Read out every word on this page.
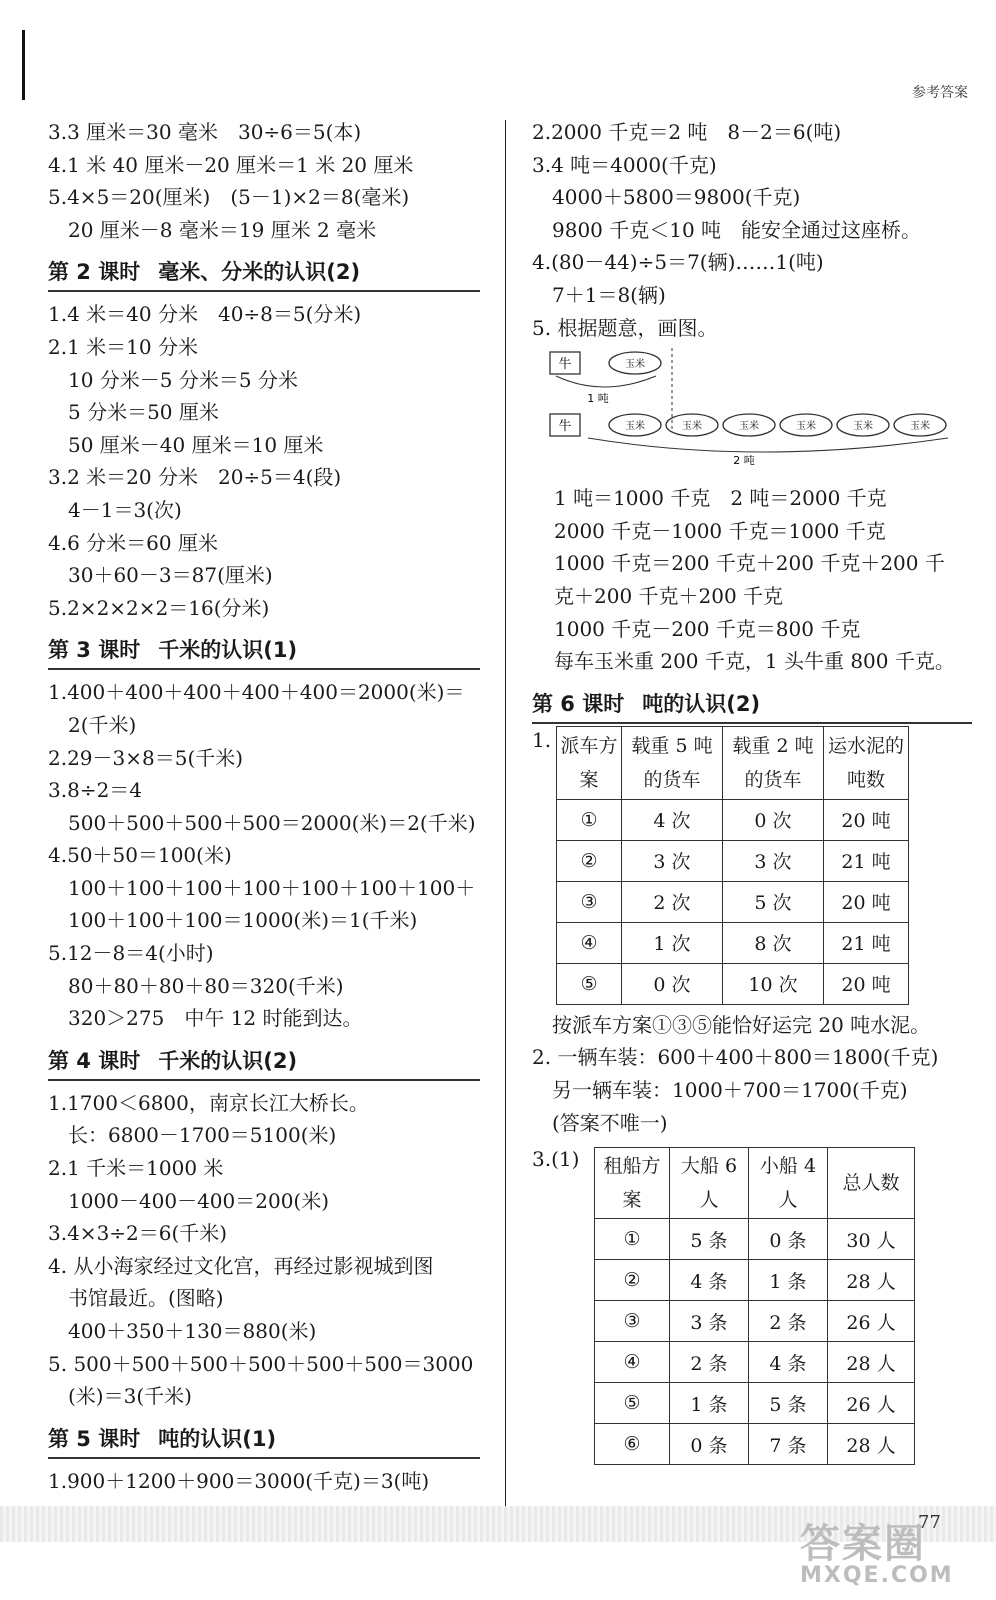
参考答案
3.3 厘米＝30 毫米　30÷6＝5(本)
4.1 米 40 厘米－20 厘米＝1 米 20 厘米
5.4×5＝20(厘米)　(5－1)×2＝8(毫米)
　20 厘米－8 毫米＝19 厘米 2 毫米
第 2 课时 毫米、分米的认识(2)
1.4 米＝40 分米　40÷8＝5(分米)
2.1 米＝10 分米
　10 分米－5 分米＝5 分米
　5 分米＝50 厘米
　50 厘米－40 厘米＝10 厘米
3.2 米＝20 分米　20÷5＝4(段)
　4－1＝3(次)
4.6 分米＝60 厘米
　30＋60－3＝87(厘米)
5.2×2×2×2＝16(分米)
第 3 课时 千米的认识(1)
1.400＋400＋400＋400＋400＝2000(米)＝
　2(千米)
2.29－3×8＝5(千米)
3.8÷2＝4
　500＋500＋500＋500＝2000(米)＝2(千米)
4.50＋50＝100(米)
　100＋100＋100＋100＋100＋100＋100＋
　100＋100＋100＝1000(米)＝1(千米)
5.12－8＝4(小时)
　80＋80＋80＋80＝320(千米)
　320＞275　中午 12 时能到达。
第 4 课时 千米的认识(2)
1.1700＜6800，南京长江大桥长。
　长：6800－1700＝5100(米)
2.1 千米＝1000 米
　1000－400－400＝200(米)
3.4×3÷2＝6(千米)
4. 从小海家经过文化宫，再经过影视城到图
　书馆最近。(图略)
　400＋350＋130＝880(米)
5. 500＋500＋500＋500＋500＋500＝3000
　(米)＝3(千米)
第 5 课时 吨的认识(1)
1.900＋1200＋900＝3000(千克)＝3(吨)
2.2000 千克＝2 吨　8－2＝6(吨)
3.4 吨＝4000(千克)
　4000＋5800＝9800(千克)
　9800 千克＜10 吨　能安全通过这座桥。
4.(80－44)÷5＝7(辆)……1(吨)
　7＋1＝8(辆)
5. 根据题意，画图。
牛	玉米
1 吨
牛	玉米	玉米	玉米	玉米	玉米	玉米
2 吨
1 吨＝1000 千克　2 吨＝2000 千克
2000 千克－1000 千克＝1000 千克
1000 千克＝200 千克＋200 千克＋200 千
克＋200 千克＋200 千克
1000 千克－200 千克＝800 千克
每车玉米重 200 千克，1 头牛重 800 千克。
第 6 课时 吨的认识(2)
1. 派车方案	载重 5 吨的货车	载重 2 吨的货车	运水泥的吨数
①	4 次	0 次	20 吨
②	3 次	3 次	21 吨
③	2 次	5 次	20 吨
④	1 次	8 次	21 吨
⑤	0 次	10 次	20 吨
按派车方案①③⑤能恰好运完 20 吨水泥。
2. 一辆车装：600＋400＋800＝1800(千克)
　另一辆车装：1000＋700＝1700(千克)
　(答案不唯一)
3.(1)	租船方案	大船 6 人	小船 4 人	总人数
①	5 条	0 条	30 人
②	4 条	1 条	28 人
③	3 条	2 条	26 人
④	2 条	4 条	28 人
⑤	1 条	5 条	26 人
⑥	0 条	7 条	28 人
答案圈
MXQE.COM
77
